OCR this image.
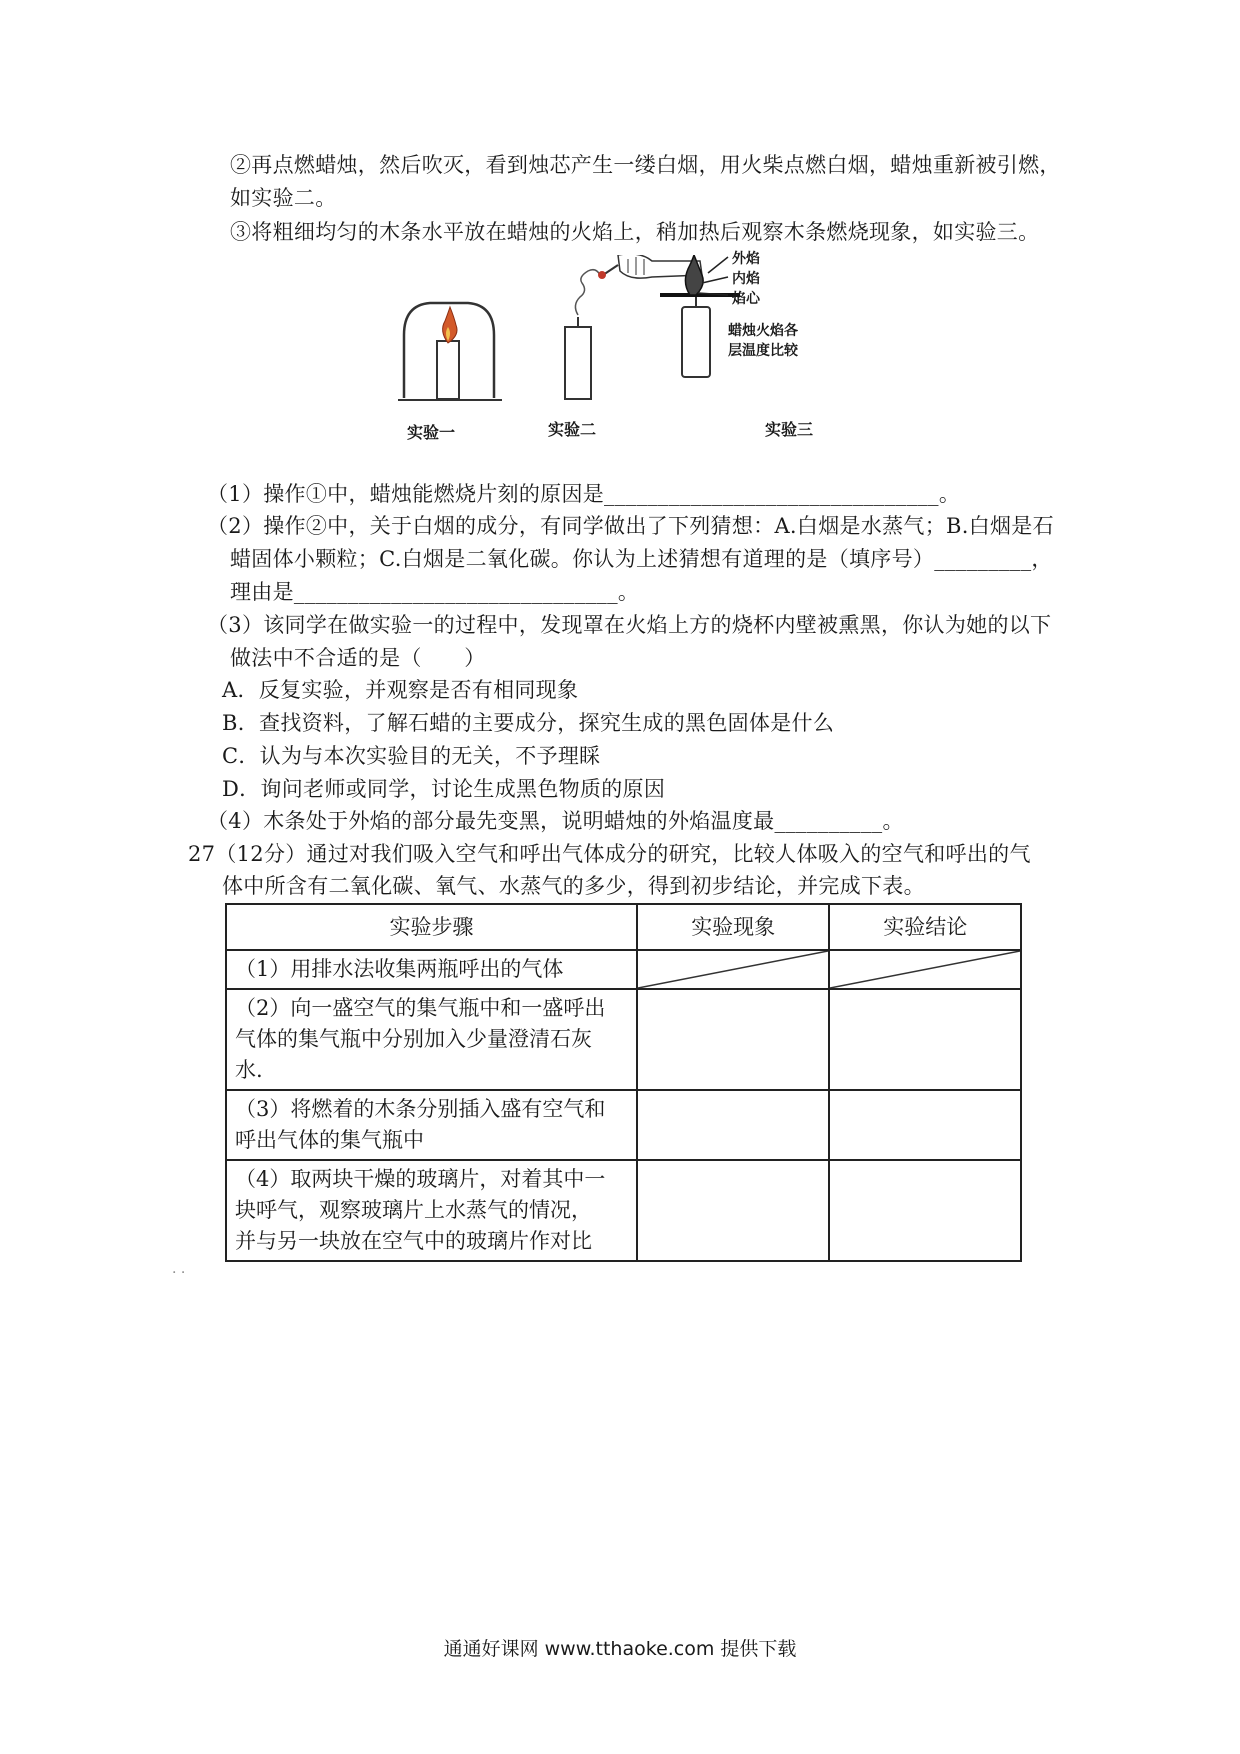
②再点燃蜡烛，然后吹灭，看到烛芯产生一缕白烟，用火柴点燃白烟，蜡烛重新被引燃，
如实验二。
③将粗细均匀的木条水平放在蜡烛的火焰上，稍加热后观察木条燃烧现象，如实验三。
外焰
内焰
焰心
蜡烛火焰各
层温度比较
实验一	实验二	实验三
（1）操作①中，蜡烛能燃烧片刻的原因是_______________________________。
（2）操作②中，关于白烟的成分，有同学做出了下列猜想：A.白烟是水蒸气；B.白烟是石
蜡固体小颗粒；C.白烟是二氧化碳。你认为上述猜想有道理的是（填序号）_________，
理由是______________________________。
（3）该同学在做实验一的过程中，发现罩在火焰上方的烧杯内壁被熏黑，你认为她的以下
做法中不合适的是（　　）
A．反复实验，并观察是否有相同现象
B．查找资料，了解石蜡的主要成分，探究生成的黑色固体是什么
C．认为与本次实验目的无关，不予理睬
D．询问老师或同学，讨论生成黑色物质的原因
（4）木条处于外焰的部分最先变黑，说明蜡烛的外焰温度最__________。
27（12分）通过对我们吸入空气和呼出气体成分的研究，比较人体吸入的空气和呼出的气
体中所含有二氧化碳、氧气、水蒸气的多少，得到初步结论，并完成下表。
实验步骤	实验现象	实验结论
（1）用排水法收集两瓶呼出的气体		

（2）向一盛空气的集气瓶中和一盛呼出
气体的集气瓶中分别加入少量澄清石灰
水.		

（3）将燃着的木条分别插入盛有空气和
呼出气体的集气瓶中		

（4）取两块干燥的玻璃片，对着其中一
块呼气，观察玻璃片上水蒸气的情况，
并与另一块放在空气中的玻璃片作对比		

· ·
通通好课网 www.tthaoke.com 提供下载
